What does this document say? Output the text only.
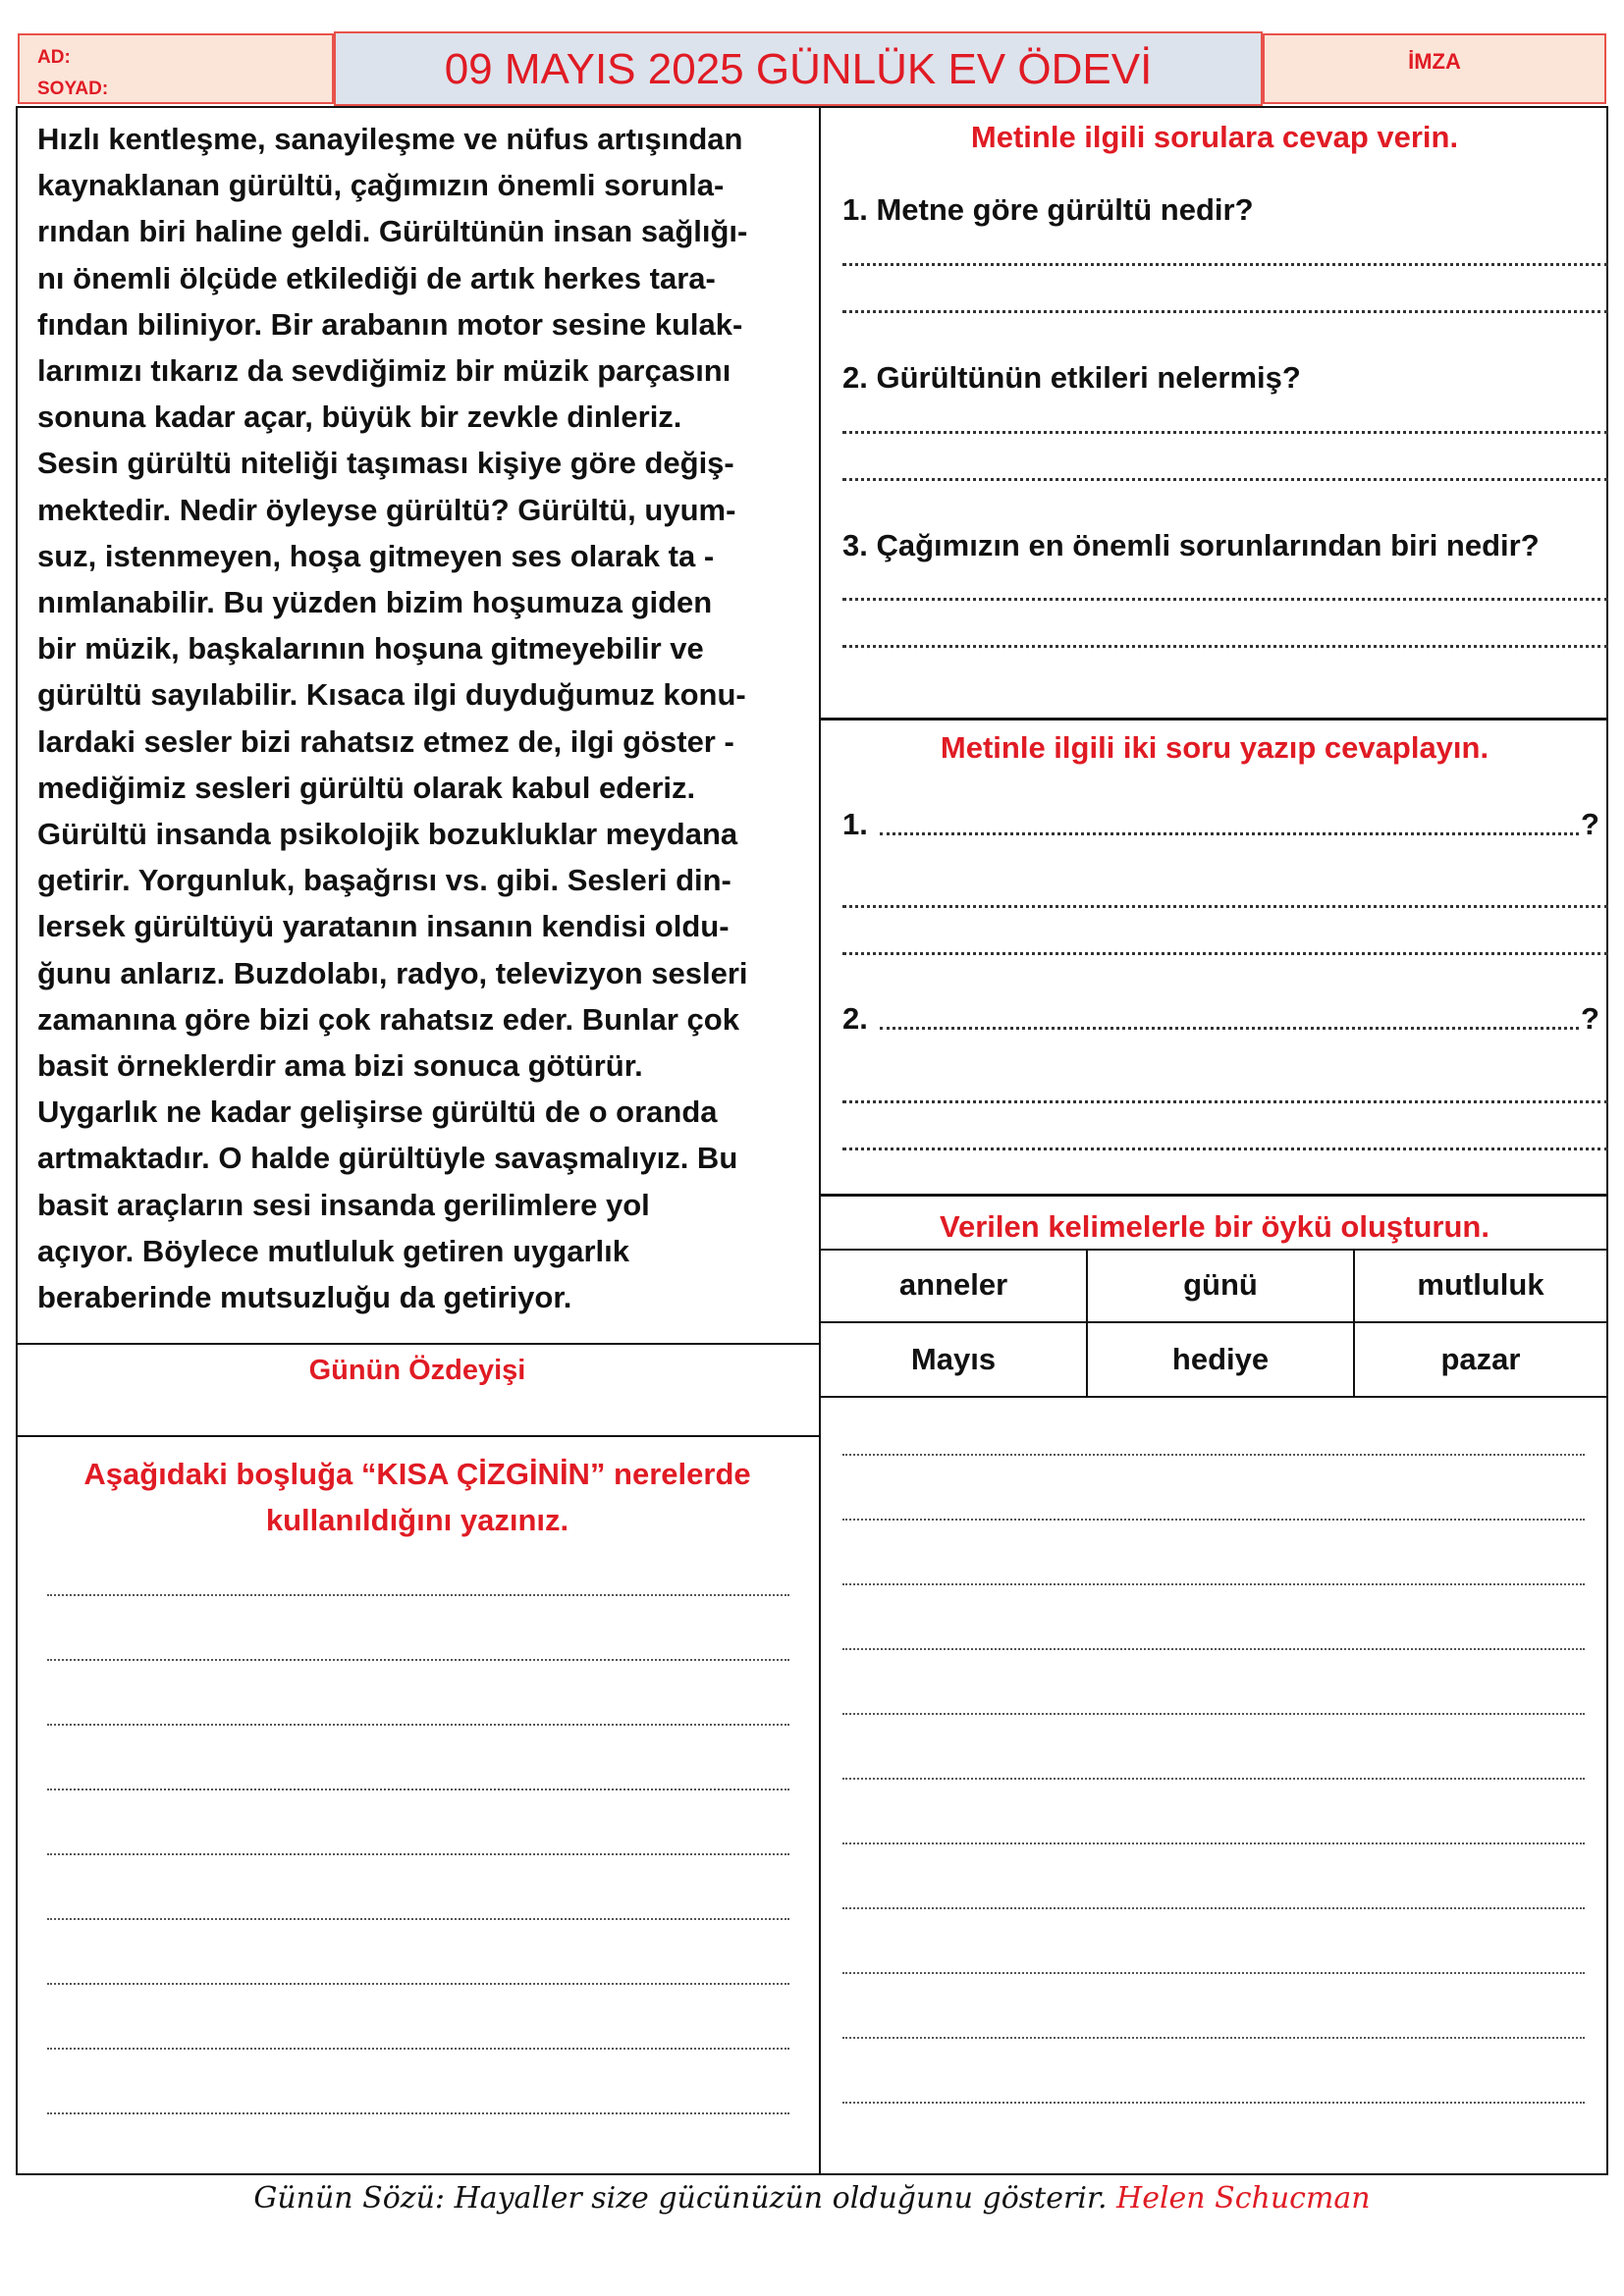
AD:
SOYAD:	09 MAYIS 2025 GÜNLÜK EV ÖDEVİ	İMZA
Hızlı kentleşme, sanayileşme ve nüfus artışından
kaynaklanan gürültü, çağımızın önemli sorunla-
rından biri haline geldi. Gürültünün insan sağlığı-
nı önemli ölçüde etkilediği de artık herkes tara-
fından biliniyor. Bir arabanın motor sesine kulak-
larımızı tıkarız da sevdiğimiz bir müzik parçasını
sonuna kadar açar, büyük bir zevkle dinleriz.
Sesin gürültü niteliği taşıması kişiye göre değiş-
mektedir. Nedir öyleyse gürültü? Gürültü, uyum-
suz, istenmeyen, hoşa gitmeyen ses olarak ta -
nımlanabilir. Bu yüzden bizim hoşumuza giden
bir müzik, başkalarının hoşuna gitmeyebilir ve
gürültü sayılabilir. Kısaca ilgi duyduğumuz konu-
lardaki sesler bizi rahatsız etmez de, ilgi göster -
mediğimiz sesleri gürültü olarak kabul ederiz.
Gürültü insanda psikolojik bozukluklar meydana
getirir. Yorgunluk, başağrısı vs. gibi. Sesleri din-
lersek gürültüyü yaratanın insanın kendisi oldu-
ğunu anlarız. Buzdolabı, radyo, televizyon sesleri
zamanına göre bizi çok rahatsız eder. Bunlar çok
basit örneklerdir ama bizi sonuca götürür.
Uygarlık ne kadar gelişirse gürültü de o oranda
artmaktadır. O halde gürültüyle savaşmalıyız. Bu
basit araçların sesi insanda gerilimlere yol
açıyor. Böylece mutluluk getiren uygarlık
beraberinde mutsuzluğu da getiriyor.
Günün Özdeyişi
Aşağıdaki boşluğa “KISA ÇİZGİNİN” nerelerde
kullanıldığını yazınız.
Metinle ilgili sorulara cevap verin.
1. Metne göre gürültü nedir?
2. Gürültünün etkileri nelermiş?
3. Çağımızın en önemli sorunlarından biri nedir?
Metinle ilgili iki soru yazıp cevaplayın.
1.	?
2.	?
Verilen kelimelerle bir öykü oluşturun.
anneler	günü	mutluluk
Mayıs	hediye	pazar
Günün Sözü: Hayaller size gücünüzün olduğunu gösterir. Helen Schucman
